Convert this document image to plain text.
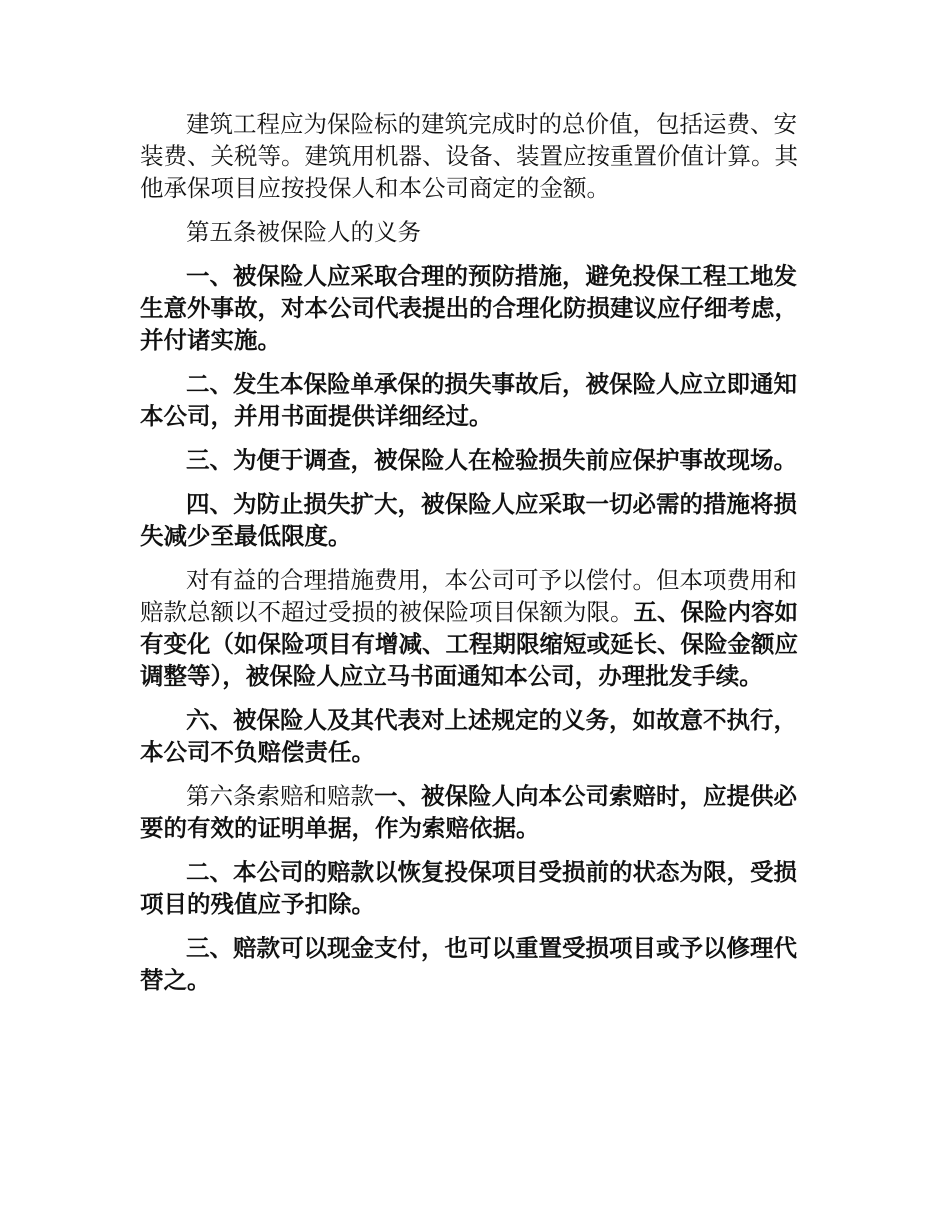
建筑工程应为保险标的建筑完成时的总价值，包括运费、安装费、关税等。建筑用机器、设备、装置应按重置价值计算。其他承保项目应按投保人和本公司商定的金额。

第五条被保险人的义务

一、被保险人应采取合理的预防措施，避免投保工程工地发生意外事故，对本公司代表提出的合理化防损建议应仔细考虑，并付诸实施。

二、发生本保险单承保的损失事故后，被保险人应立即通知本公司，并用书面提供详细经过。

三、为便于调查，被保险人在检验损失前应保护事故现场。

四、为防止损失扩大，被保险人应采取一切必需的措施将损失减少至最低限度。

对有益的合理措施费用，本公司可予以偿付。但本项费用和赔款总额以不超过受损的被保险项目保额为限。五、保险内容如有变化（如保险项目有增减、工程期限缩短或延长、保险金额应调整等），被保险人应立马书面通知本公司，办理批发手续。

六、被保险人及其代表对上述规定的义务，如故意不执行，本公司不负赔偿责任。

第六条索赔和赔款一、被保险人向本公司索赔时，应提供必要的有效的证明单据，作为索赔依据。

二、本公司的赔款以恢复投保项目受损前的状态为限，受损项目的残值应予扣除。

三、赔款可以现金支付，也可以重置受损项目或予以修理代替之。
